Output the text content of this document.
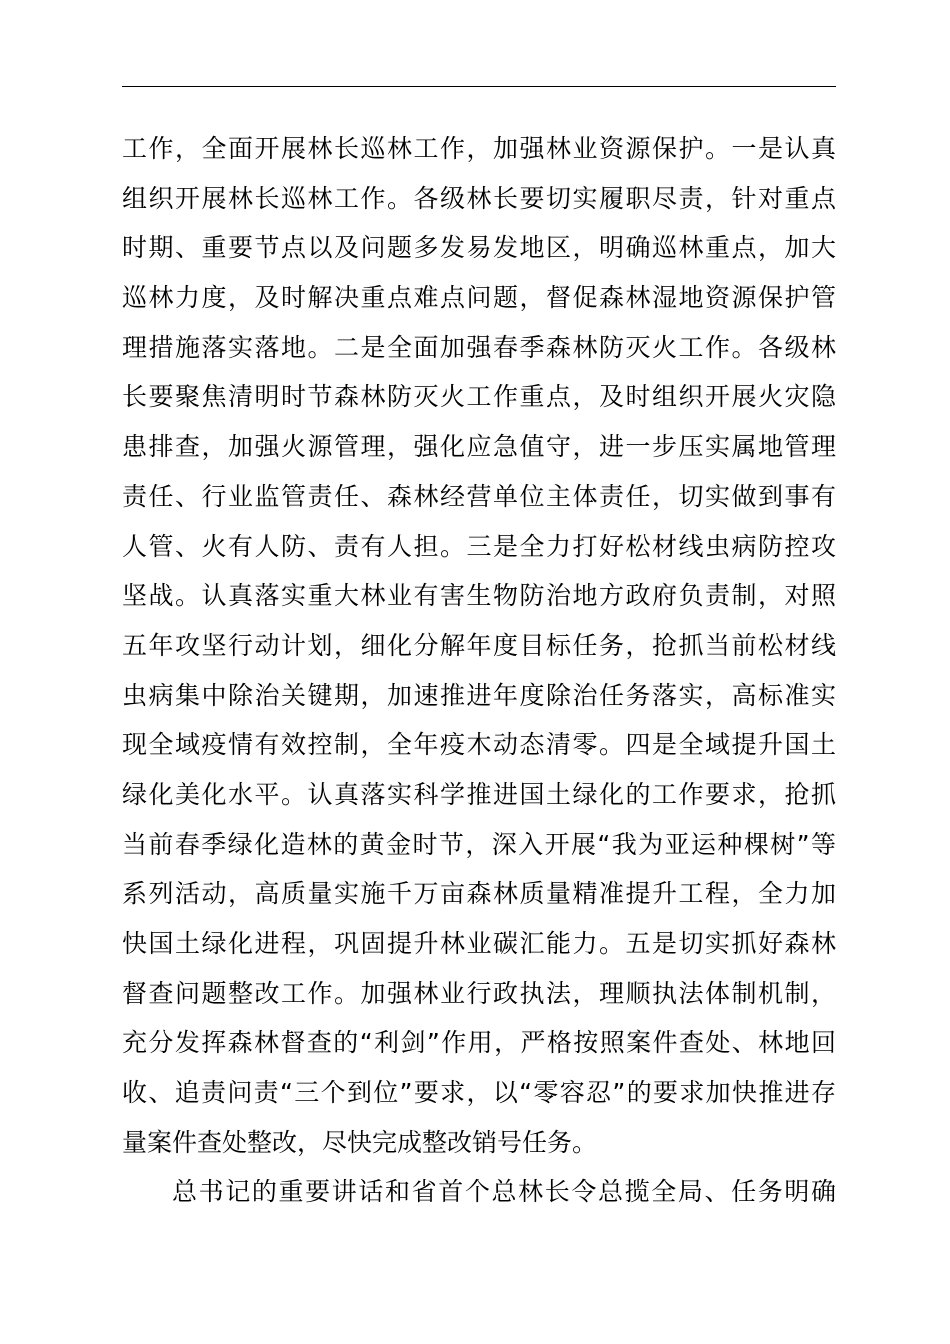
工作，全面开展林长巡林工作，加强林业资源保护。一是认真
组织开展林长巡林工作。各级林长要切实履职尽责，针对重点
时期、重要节点以及问题多发易发地区，明确巡林重点，加大
巡林力度，及时解决重点难点问题，督促森林湿地资源保护管
理措施落实落地。二是全面加强春季森林防灭火工作。各级林
长要聚焦清明时节森林防灭火工作重点，及时组织开展火灾隐
患排查，加强火源管理，强化应急值守，进一步压实属地管理
责任、行业监管责任、森林经营单位主体责任，切实做到事有
人管、火有人防、责有人担。三是全力打好松材线虫病防控攻
坚战。认真落实重大林业有害生物防治地方政府负责制，对照
五年攻坚行动计划，细化分解年度目标任务，抢抓当前松材线
虫病集中除治关键期，加速推进年度除治任务落实，高标准实
现全域疫情有效控制，全年疫木动态清零。四是全域提升国土
绿化美化水平。认真落实科学推进国土绿化的工作要求，抢抓
当前春季绿化造林的黄金时节，深入开展“我为亚运种棵树”等
系列活动，高质量实施千万亩森林质量精准提升工程，全力加
快国土绿化进程，巩固提升林业碳汇能力。五是切实抓好森林
督查问题整改工作。加强林业行政执法，理顺执法体制机制，
充分发挥森林督查的“利剑”作用，严格按照案件查处、林地回
收、追责问责“三个到位”要求，以“零容忍”的要求加快推进存
量案件查处整改，尽快完成整改销号任务。
总书记的重要讲话和省首个总林长令总揽全局、任务明确
